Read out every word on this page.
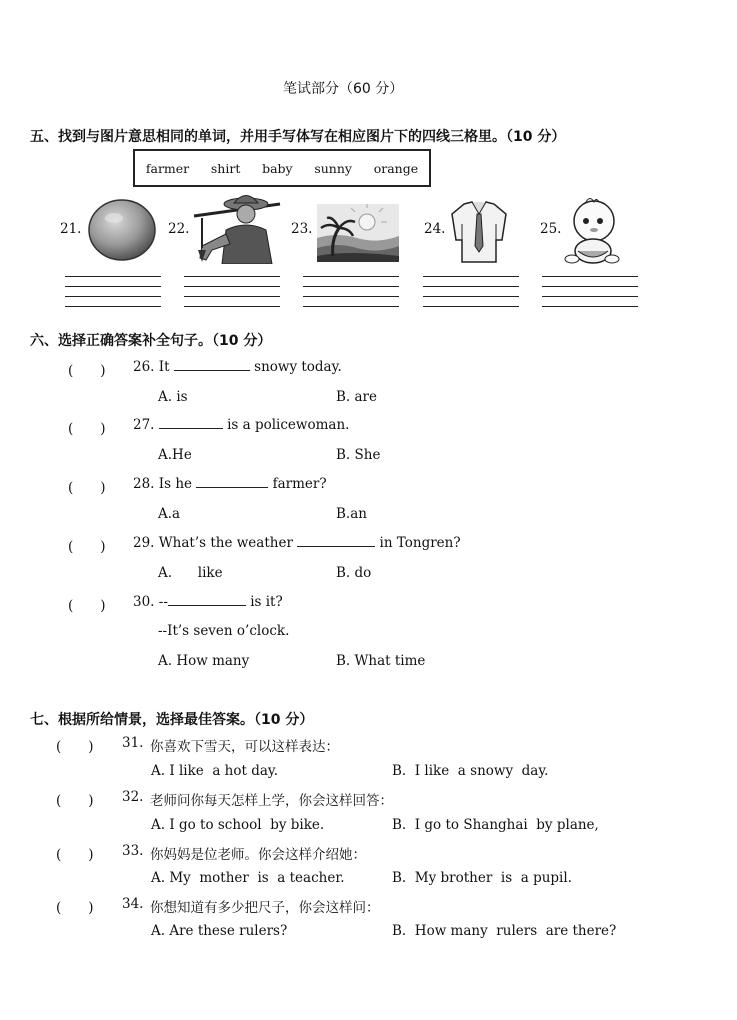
笔试部分（60 分）
五、找到与图片意思相同的单词，并用手写体写在相应图片下的四线三格里。（10 分）
farmer shirt baby sunny orange
21.	22.	23.	24.	25.
六、选择正确答案补全句子。（10 分）
(　　) 26. It	snowy today.
A. is	B. are
(　　) 27.	is a policewoman.
A.He	B. She
(　　) 28. Is he	farmer?
A.a	B.an
(　　) 29. What’s the weather	in Tongren?
A.      like	B. do
(　　) 30. --	is it?
--It’s seven o’clock.
A. How many	B. What time
七、根据所给情景，选择最佳答案。（10 分）
(　　) 31. 你喜欢下雪天，可以这样表达：
A. I like  a hot day.	B.  I like  a snowy  day.
(　　) 32. 老师问你每天怎样上学，你会这样回答：
A. I go to school  by bike.	B.  I go to Shanghai  by plane,
(　　) 33. 你妈妈是位老师。你会这样介绍她：
A. My  mother  is  a teacher.	B.  My brother  is  a pupil.
(　　) 34. 你想知道有多少把尺子，你会这样问：
A. Are these rulers?	B.  How many  rulers  are there?
